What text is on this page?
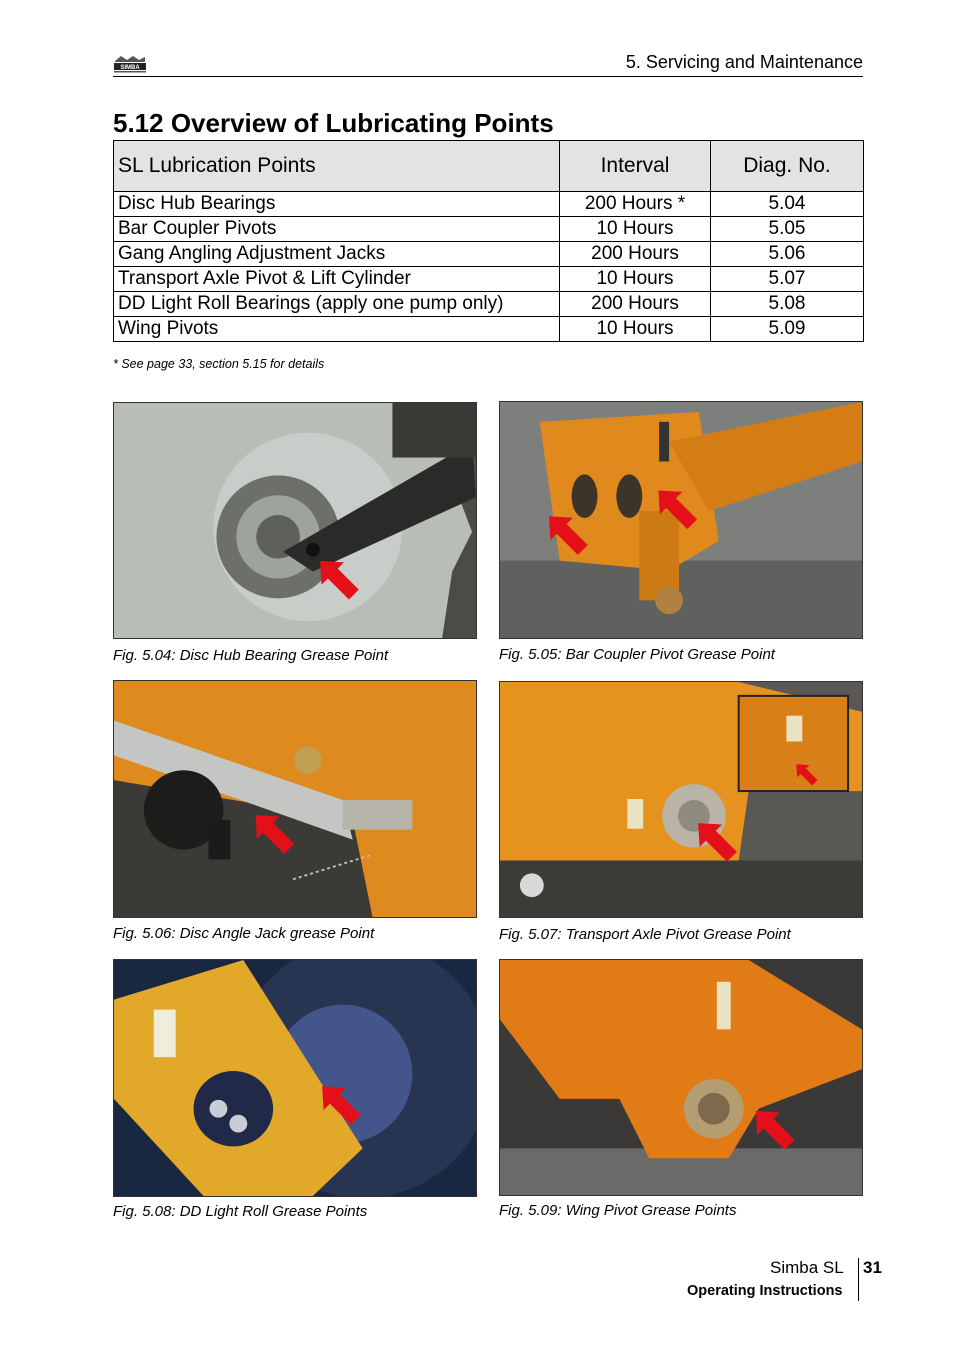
SIMBA	5. Servicing and Maintenance
5.12 Overview of Lubricating Points
SL Lubrication Points	Interval	Diag. No.
Disc Hub Bearings	200 Hours *	5.04
Bar Coupler Pivots	10 Hours	5.05
Gang Angling Adjustment Jacks	200 Hours	5.06
Transport Axle Pivot & Lift Cylinder	10 Hours	5.07
DD Light Roll Bearings (apply one pump only)	200 Hours	5.08
Wing Pivots	10 Hours	5.09
* See page 33, section 5.15 for details
Fig. 5.04: Disc Hub Bearing Grease Point	Fig. 5.05: Bar Coupler Pivot Grease Point
Fig. 5.06: Disc Angle Jack grease Point	Fig. 5.07: Transport Axle Pivot Grease Point
Fig. 5.08: DD Light Roll Grease Points	Fig. 5.09: Wing Pivot Grease Points
Simba SL 31
Operating Instructions
